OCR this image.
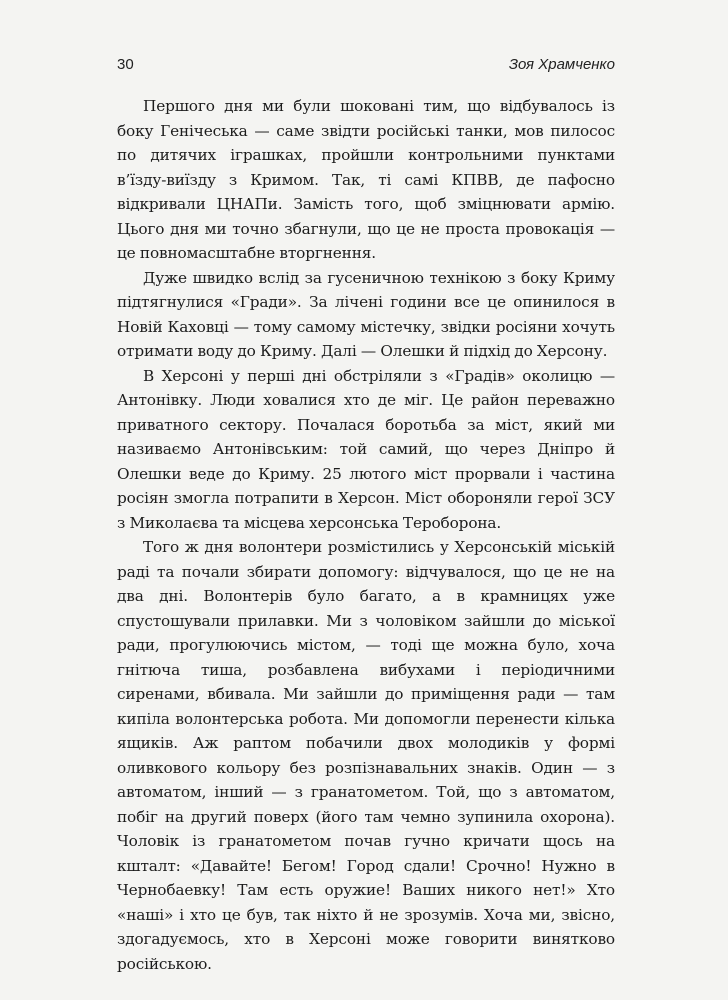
30	Зоя Храмченко

Першого дня ми були шоковані тим, що відбувалось із боку Генічеська — саме звідти російські танки, мов пилосос по дитячих іграшках, пройшли контрольними пунктами в’їзду-виїзду з Кримом. Так, ті самі КПВВ, де пафосно відкривали ЦНАПи. Замість того, щоб зміцнювати армію. Цього дня ми точно збагнули, що це не проста провокація — це повномасштабне вторгнення.

Дуже швидко вслід за гусеничною технікою з боку Криму підтягнулися «Гради». За лічені години все це опинилося в Новій Каховці — тому самому містечку, звідки росіяни хочуть отримати воду до Криму. Далі — Олешки й підхід до Херсону.

В Херсоні у перші дні обстріляли з «Градів» околицю — Антонівку. Люди ховалися хто де міг. Це район переважно приватного сектору. Почалася боротьба за міст, який ми називаємо Антонівським: той самий, що через Дніпро й Олешки веде до Криму. 25 лютого міст прорвали і частина росіян змогла потрапити в Херсон. Міст обороняли герої ЗСУ з Миколаєва та місцева херсонська Тероборона.

Того ж дня волонтери розмістились у Херсонській міській раді та почали збирати допомогу: відчувалося, що це не на два дні. Волонтерів було багато, а в крамницях уже спустошували прилавки. Ми з чоловіком зайшли до міської ради, прогулюючись містом, — тоді ще можна було, хоча гнітюча тиша, розбавлена вибухами і періодичними сиренами, вбивала. Ми зайшли до приміщення ради — там кипіла волонтерська робота. Ми допомогли перенести кілька ящиків. Аж раптом побачили двох молодиків у формі оливкового кольору без розпізнавальних знаків. Один — з автоматом, інший — з гранатометом. Той, що з автоматом, побіг на другий поверх (його там чемно зупинила охорона). Чоловік із гранатометом почав гучно кричати щось на кшталт: «Давайте! Бегом! Город сдали! Срочно! Нужно в Чернобаевку! Там есть оружие! Ваших никого нет!» Хто «наші» і хто це був, так ніхто й не зрозумів. Хоча ми, звісно, здогадуємось, хто в Херсоні може говорити винятково російською.
